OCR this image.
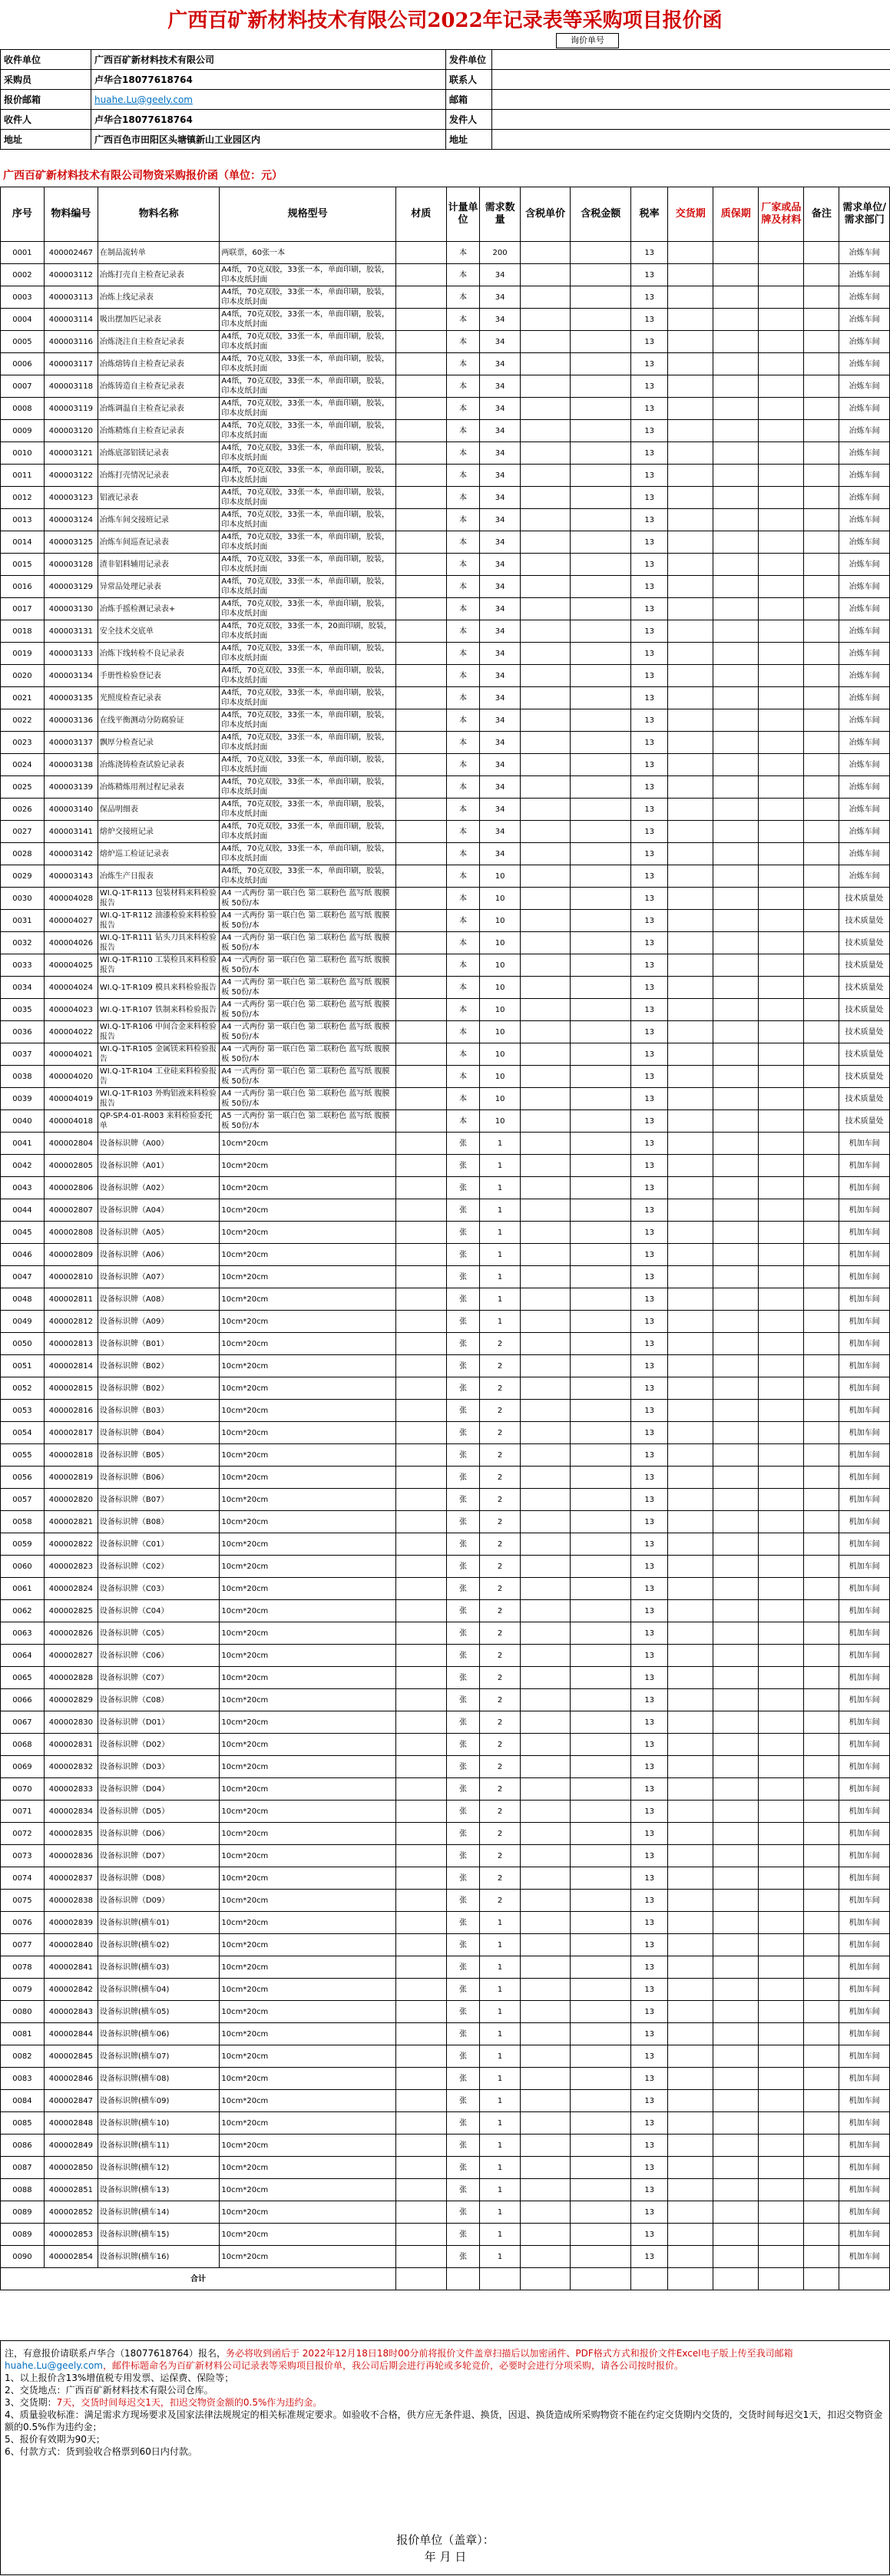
广西百矿新材料技术有限公司2022年记录表等采购项目报价函
询价单号
收件单位	广西百矿新材料技术有限公司	发件单位	
采购员	卢华合18077618764	联系人	
报价邮箱	huahe.Lu@geely.com	邮箱	
收件人	卢华合18077618764	发件人	
地址	广西百色市田阳区头塘镇新山工业园区内	地址	
广西百矿新材料技术有限公司物资采购报价函（单位：元）
序号	物料编号	物料名称	规格型号	材质	计量单位	需求数量	含税单价	含税金额	税率	交货期	质保期	厂家或品牌及材料	备注	需求单位/需求部门
0001	400002467	在制品流转单	两联票，60张一本		本	200			13					冶炼车间
0002	400003112	冶炼打壳自主检查记录表	A4纸，70克双胶，33张一本，单面印刷，胶装，印本皮纸封面		本	34			13					冶炼车间
0003	400003113	冶炼上线记录表	A4纸，70克双胶，33张一本，单面印刷，胶装，印本皮纸封面		本	34			13					冶炼车间
0004	400003114	吸出摆加匹记录表	A4纸，70克双胶，33张一本，单面印刷，胶装，印本皮纸封面		本	34			13					冶炼车间
0005	400003116	冶炼浇注自主检查记录表	A4纸，70克双胶，33张一本，单面印刷，胶装，印本皮纸封面		本	34			13					冶炼车间
0006	400003117	冶炼熔铸自主检查记录表	A4纸，70克双胶，33张一本，单面印刷，胶装，印本皮纸封面		本	34			13					冶炼车间
0007	400003118	冶炼铸造自主检查记录表	A4纸，70克双胶，33张一本，单面印刷，胶装，印本皮纸封面		本	34			13					冶炼车间
0008	400003119	冶炼调温自主检查记录表	A4纸，70克双胶，33张一本，单面印刷，胶装，印本皮纸封面		本	34			13					冶炼车间
0009	400003120	冶炼精炼自主检查记录表	A4纸，70克双胶，33张一本，单面印刷，胶装，印本皮纸封面		本	34			13					冶炼车间
0010	400003121	冶炼底部铝镁记录表	A4纸，70克双胶，33张一本，单面印刷，胶装，印本皮纸封面		本	34			13					冶炼车间
0011	400003122	冶炼打壳情况记录表	A4纸，70克双胶，33张一本，单面印刷，胶装，印本皮纸封面		本	34			13					冶炼车间
0012	400003123	铝液记录表	A4纸，70克双胶，33张一本，单面印刷，胶装，印本皮纸封面		本	34			13					冶炼车间
0013	400003124	冶炼车间交接班记录	A4纸，70克双胶，33张一本，单面印刷，胶装，印本皮纸封面		本	34			13					冶炼车间
0014	400003125	冶炼车间巡查记录表	A4纸，70克双胶，33张一本，单面印刷，胶装，印本皮纸封面		本	34			13					冶炼车间
0015	400003128	渣非铝料辅用记录表	A4纸，70克双胶，33张一本，单面印刷，胶装，印本皮纸封面		本	34			13					冶炼车间
0016	400003129	异常品处理记录表	A4纸，70克双胶，33张一本，单面印刷，胶装，印本皮纸封面		本	34			13					冶炼车间
0017	400003130	冶炼手摇检测记录表+	A4纸，70克双胶，33张一本，单面印刷，胶装，印本皮纸封面		本	34			13					冶炼车间
0018	400003131	安全技术交底单	A4纸，70克双胶，33张一本，20面印刷，胶装，印本皮纸封面		本	34			13					冶炼车间
0019	400003133	冶炼下线转检不良记录表	A4纸，70克双胶，33张一本，单面印刷，胶装，印本皮纸封面		本	34			13					冶炼车间
0020	400003134	手册性检验登记表	A4纸，70克双胶，33张一本，单面印刷，胶装，印本皮纸封面		本	34			13					冶炼车间
0021	400003135	光照度检查记录表	A4纸，70克双胶，33张一本，单面印刷，胶装，印本皮纸封面		本	34			13					冶炼车间
0022	400003136	在线平衡测动分防腐验证	A4纸，70克双胶，33张一本，单面印刷，胶装，印本皮纸封面		本	34			13					冶炼车间
0023	400003137	飘厚分检查记录	A4纸，70克双胶，33张一本，单面印刷，胶装，印本皮纸封面		本	34			13					冶炼车间
0024	400003138	冶炼浇铸检查试验记录表	A4纸，70克双胶，33张一本，单面印刷，胶装，印本皮纸封面		本	34			13					冶炼车间
0025	400003139	冶炼精炼用剂过程记录表	A4纸，70克双胶，33张一本，单面印刷，胶装，印本皮纸封面		本	34			13					冶炼车间
0026	400003140	保品明细表	A4纸，70克双胶，33张一本，单面印刷，胶装，印本皮纸封面		本	34			13					冶炼车间
0027	400003141	熔炉交接班记录	A4纸，70克双胶，33张一本，单面印刷，胶装，印本皮纸封面		本	34			13					冶炼车间
0028	400003142	熔炉巡工检证记录表	A4纸，70克双胶，33张一本，单面印刷，胶装，印本皮纸封面		本	34			13					冶炼车间
0029	400003143	冶炼生产日报表	A4纸，70克双胶，33张一本，单面印刷，胶装，印本皮纸封面		本	10			13					冶炼车间
0030	400004028	WI.Q-1T-R113 包装材料来料检验报告	A4 一式两份 第一联白色 第二联粉色 蓝写纸 腹膜板 50份/本		本	10			13					技术质量处
0031	400004027	WI.Q-1T-R112 油漆检验来料检验报告	A4 一式两份 第一联白色 第二联粉色 蓝写纸 腹膜板 50份/本		本	10			13					技术质量处
0032	400004026	WI.Q-1T-R111 钻头刀具来料检验报告	A4 一式两份 第一联白色 第二联粉色 蓝写纸 腹膜板 50份/本		本	10			13					技术质量处
0033	400004025	WI.Q-1T-R110 工装检具来料检验报告	A4 一式两份 第一联白色 第二联粉色 蓝写纸 腹膜板 50份/本		本	10			13					技术质量处
0034	400004024	WI.Q-1T-R109 模具来料检验报告	A4 一式两份 第一联白色 第二联粉色 蓝写纸 腹膜板 50份/本		本	10			13					技术质量处
0035	400004023	WI.Q-1T-R107 铁制来料检验报告	A4 一式两份 第一联白色 第二联粉色 蓝写纸 腹膜板 50份/本		本	10			13					技术质量处
0036	400004022	WI.Q-1T-R106 中间合金来料检验报告	A4 一式两份 第一联白色 第二联粉色 蓝写纸 腹膜板 50份/本		本	10			13					技术质量处
0037	400004021	WI.Q-1T-R105 金属镁来料检验报告	A4 一式两份 第一联白色 第二联粉色 蓝写纸 腹膜板 50份/本		本	10			13					技术质量处
0038	400004020	WI.Q-1T-R104 工业硅来料检验报告	A4 一式两份 第一联白色 第二联粉色 蓝写纸 腹膜板 50份/本		本	10			13					技术质量处
0039	400004019	WI.Q-1T-R103 外购铝液来料检验报告	A4 一式两份 第一联白色 第二联粉色 蓝写纸 腹膜板 50份/本		本	10			13					技术质量处
0040	400004018	QP-SP.4-01-R003 来料检验委托单	A5 一式两份 第一联白色 第二联粉色 蓝写纸 腹膜板 50份/本		本	10			13					技术质量处
0041	400002804	设备标识牌（A00）	10cm*20cm		张	1			13					机加车间
0042	400002805	设备标识牌（A01）	10cm*20cm		张	1			13					机加车间
0043	400002806	设备标识牌（A02）	10cm*20cm		张	1			13					机加车间
0044	400002807	设备标识牌（A04）	10cm*20cm		张	1			13					机加车间
0045	400002808	设备标识牌（A05）	10cm*20cm		张	1			13					机加车间
0046	400002809	设备标识牌（A06）	10cm*20cm		张	1			13					机加车间
0047	400002810	设备标识牌（A07）	10cm*20cm		张	1			13					机加车间
0048	400002811	设备标识牌（A08）	10cm*20cm		张	1			13					机加车间
0049	400002812	设备标识牌（A09）	10cm*20cm		张	1			13					机加车间
0050	400002813	设备标识牌（B01）	10cm*20cm		张	2			13					机加车间
0051	400002814	设备标识牌（B02）	10cm*20cm		张	2			13					机加车间
0052	400002815	设备标识牌（B02）	10cm*20cm		张	2			13					机加车间
0053	400002816	设备标识牌（B03）	10cm*20cm		张	2			13					机加车间
0054	400002817	设备标识牌（B04）	10cm*20cm		张	2			13					机加车间
0055	400002818	设备标识牌（B05）	10cm*20cm		张	2			13					机加车间
0056	400002819	设备标识牌（B06）	10cm*20cm		张	2			13					机加车间
0057	400002820	设备标识牌（B07）	10cm*20cm		张	2			13					机加车间
0058	400002821	设备标识牌（B08）	10cm*20cm		张	2			13					机加车间
0059	400002822	设备标识牌（C01）	10cm*20cm		张	2			13					机加车间
0060	400002823	设备标识牌（C02）	10cm*20cm		张	2			13					机加车间
0061	400002824	设备标识牌（C03）	10cm*20cm		张	2			13					机加车间
0062	400002825	设备标识牌（C04）	10cm*20cm		张	2			13					机加车间
0063	400002826	设备标识牌（C05）	10cm*20cm		张	2			13					机加车间
0064	400002827	设备标识牌（C06）	10cm*20cm		张	2			13					机加车间
0065	400002828	设备标识牌（C07）	10cm*20cm		张	2			13					机加车间
0066	400002829	设备标识牌（C08）	10cm*20cm		张	2			13					机加车间
0067	400002830	设备标识牌（D01）	10cm*20cm		张	2			13					机加车间
0068	400002831	设备标识牌（D02）	10cm*20cm		张	2			13					机加车间
0069	400002832	设备标识牌（D03）	10cm*20cm		张	2			13					机加车间
0070	400002833	设备标识牌（D04）	10cm*20cm		张	2			13					机加车间
0071	400002834	设备标识牌（D05）	10cm*20cm		张	2			13					机加车间
0072	400002835	设备标识牌（D06）	10cm*20cm		张	2			13					机加车间
0073	400002836	设备标识牌（D07）	10cm*20cm		张	2			13					机加车间
0074	400002837	设备标识牌（D08）	10cm*20cm		张	2			13					机加车间
0075	400002838	设备标识牌（D09）	10cm*20cm		张	2			13					机加车间
0076	400002839	设备标识牌(横车01)	10cm*20cm		张	1			13					机加车间
0077	400002840	设备标识牌(横车02)	10cm*20cm		张	1			13					机加车间
0078	400002841	设备标识牌(横车03)	10cm*20cm		张	1			13					机加车间
0079	400002842	设备标识牌(横车04)	10cm*20cm		张	1			13					机加车间
0080	400002843	设备标识牌(横车05)	10cm*20cm		张	1			13					机加车间
0081	400002844	设备标识牌(横车06)	10cm*20cm		张	1			13					机加车间
0082	400002845	设备标识牌(横车07)	10cm*20cm		张	1			13					机加车间
0083	400002846	设备标识牌(横车08)	10cm*20cm		张	1			13					机加车间
0084	400002847	设备标识牌(横车09)	10cm*20cm		张	1			13					机加车间
0085	400002848	设备标识牌(横车10)	10cm*20cm		张	1			13					机加车间
0086	400002849	设备标识牌(横车11)	10cm*20cm		张	1			13					机加车间
0087	400002850	设备标识牌(横车12)	10cm*20cm		张	1			13					机加车间
0088	400002851	设备标识牌(横车13)	10cm*20cm		张	1			13					机加车间
0089	400002852	设备标识牌(横车14)	10cm*20cm		张	1			13					机加车间
0089	400002853	设备标识牌(横车15)	10cm*20cm		张	1			13					机加车间
0090	400002854	设备标识牌(横车16)	10cm*20cm		张	1			13					机加车间
合计														
注，有意报价请联系卢华合（18077618764）报名，务必将收到函后于 2022年12月18日18时00分前将报价文件盖章扫描后以加密函件、PDF格式方式和报价文件Excel电子版上传至我司邮箱huahe.Lu@geely.com，邮件标题命名为百矿新材料公司记录表等采购项目报价单，我公司后期会进行再轮或多轮竞价，必要时会进行分项采购，请各公司按时报价。
1、以上报价含13%增值税专用发票、运保费、保险等；
2、交货地点：广西百矿新材料技术有限公司仓库。
3、交货期：7天，交货时间每迟交1天，扣迟交物资金额的0.5%作为违约金。
4、质量验收标准：满足需求方现场要求及国家法律法规规定的相关标准规定要求。如验收不合格，供方应无条件退、换货，因退、换货造成所采购物资不能在约定交货期内交货的，交货时间每迟交1天，扣迟交物资金额的0.5%作为违约金；
5、报价有效期为90天；
6、付款方式：货到验收合格票到60日内付款。
报价单位（盖章）：
年 月 日
